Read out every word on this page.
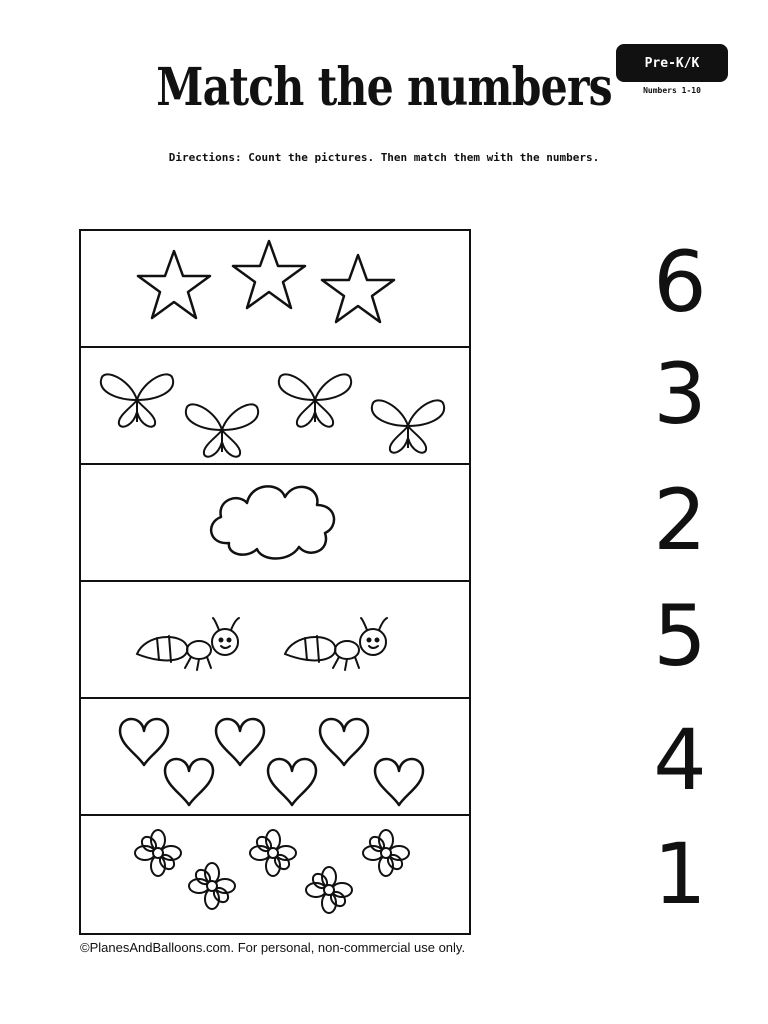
Match the numbers	Pre-K/K
Numbers 1-10
Directions: Count the pictures. Then match them with the numbers.
6
3
2
5
4
1
©PlanesAndBalloons.com. For personal, non-commercial use only.
